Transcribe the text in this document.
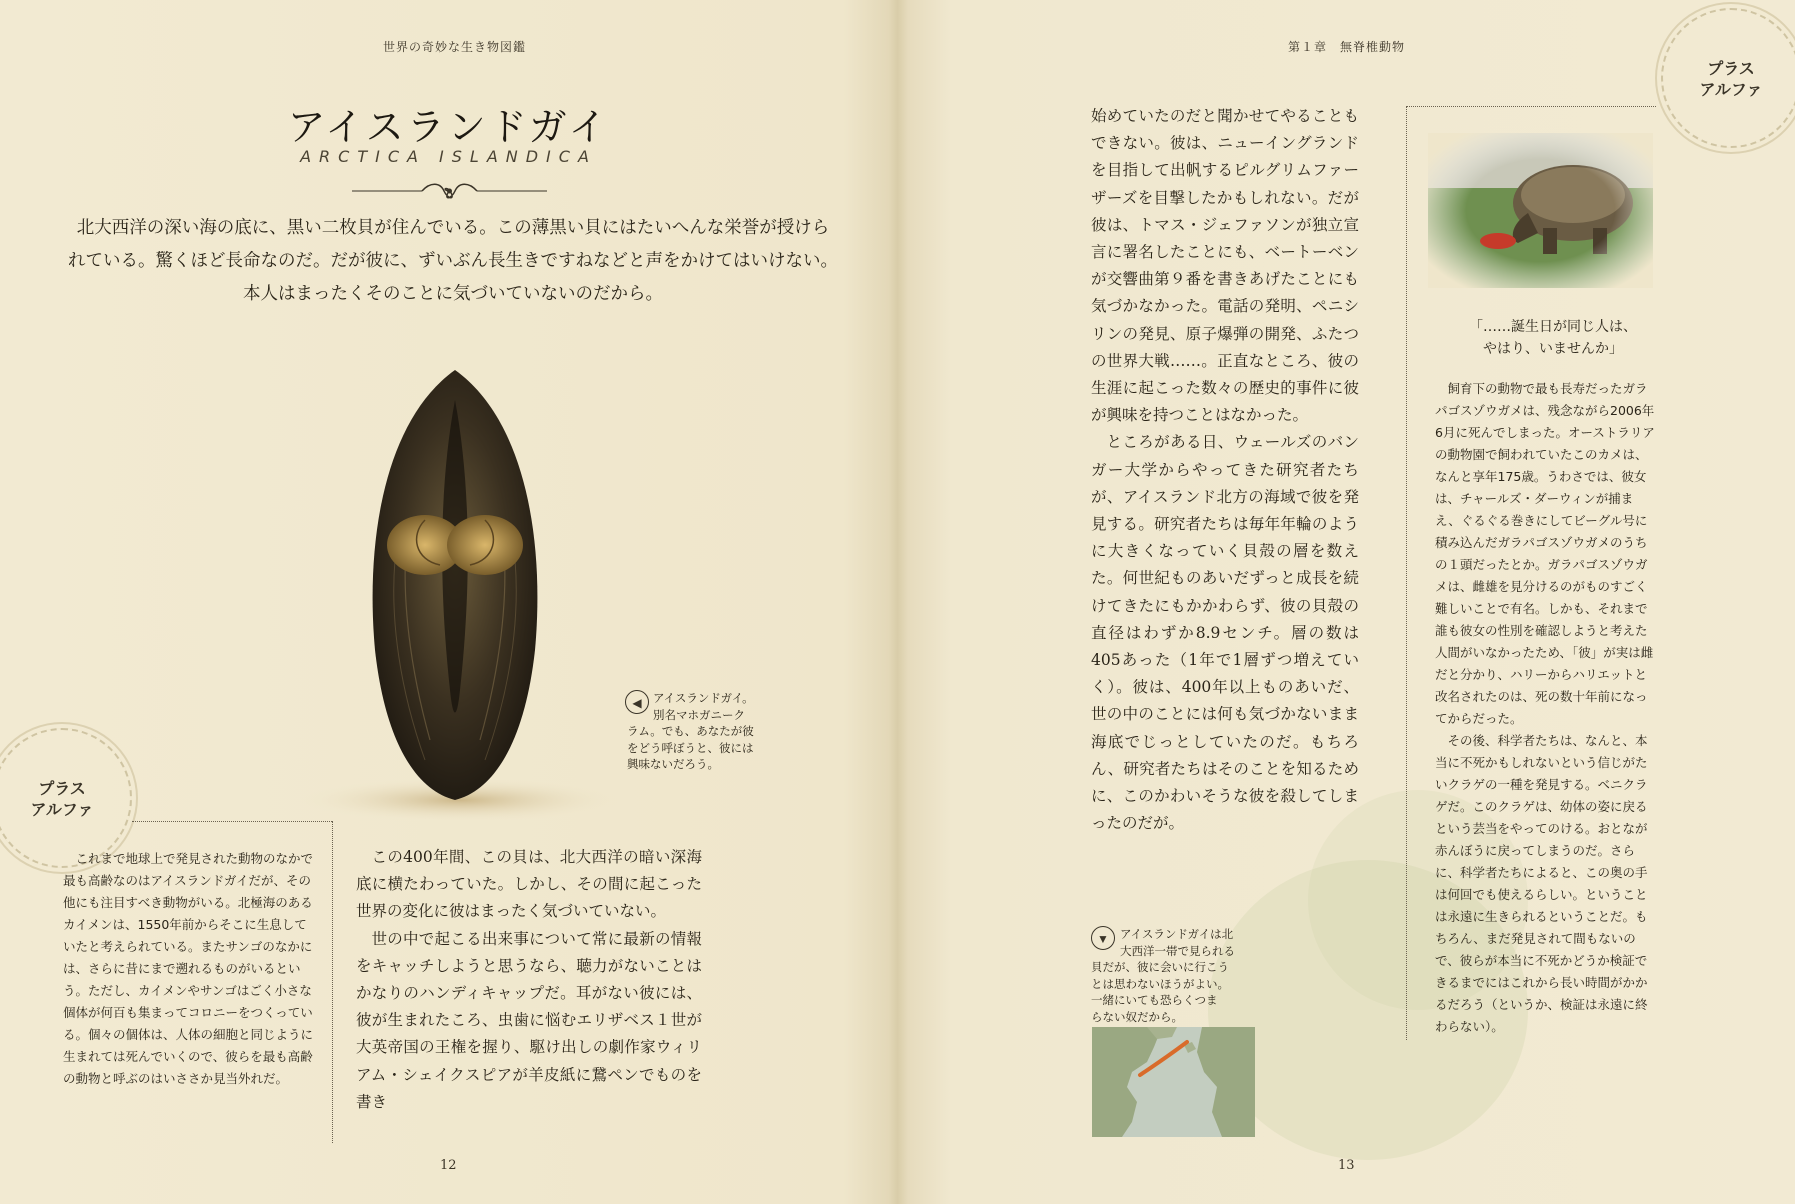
世界の奇妙な生き物図鑑
アイスランドガイ
ARCTICA ISLANDICA

北大西洋の深い海の底に、黒い二枚貝が住んでいる。この薄黒い貝にはたいへんな栄誉が授けら

れている。驚くほど長命なのだ。だが彼に、ずいぶん長生きですねなどと声をかけてはいけない。

本人はまったくそのことに気づいていないのだから。

◀ アイスランドガイ。
別名マホガニーク
ラム。でも、あなたが彼
をどう呼ぼうと、彼には
興味ないだろう。
プラス
アルファ

これまで地球上で発見された動物のなかで最も高齢なのはアイスランドガイだが、その他にも注目すべき動物がいる。北極海のあるカイメンは、1550年前からそこに生息していたと考えられている。またサンゴのなかには、さらに昔にまで遡れるものがいるという。ただし、カイメンやサンゴはごく小さな個体が何百も集まってコロニーをつくっている。個々の個体は、人体の細胞と同じように生まれては死んでいくので、彼らを最も高齢の動物と呼ぶのはいささか見当外れだ。

この400年間、この貝は、北大西洋の暗い深海底に横たわっていた。しかし、その間に起こった世界の変化に彼はまったく気づいていない。

世の中で起こる出来事について常に最新の情報をキャッチしようと思うなら、聴力がないことはかなりのハンディキャップだ。耳がない彼には、彼が生まれたころ、虫歯に悩むエリザベス１世が大英帝国の王権を握り、駆け出しの劇作家ウィリアム・シェイクスピアが羊皮紙に鵞ペンでものを書き

12
第１章　無脊椎動物
プラス
アルファ

始めていたのだと聞かせてやることもできない。彼は、ニューイングランドを目指して出帆するピルグリムファーザーズを目撃したかもしれない。だが彼は、トマス・ジェファソンが独立宣言に署名したことにも、ベートーベンが交響曲第９番を書きあげたことにも気づかなかった。電話の発明、ペニシリンの発見、原子爆弾の開発、ふたつの世界大戦……。正直なところ、彼の生涯に起こった数々の歴史的事件に彼が興味を持つことはなかった。

ところがある日、ウェールズのバンガー大学からやってきた研究者たちが、アイスランド北方の海域で彼を発見する。研究者たちは毎年年輪のように大きくなっていく貝殻の層を数えた。何世紀ものあいだずっと成長を続けてきたにもかかわらず、彼の貝殻の直径はわずか8.9センチ。層の数は405あった（1年で1層ずつ増えていく）。彼は、400年以上ものあいだ、世の中のことには何も気づかないまま海底でじっとしていたのだ。もちろん、研究者たちはそのことを知るために、このかわいそうな彼を殺してしまったのだが。

「……誕生日が同じ人は、
やはり、いませんか」

飼育下の動物で最も長寿だったガラパゴスゾウガメは、残念ながら2006年6月に死んでしまった。オーストラリアの動物園で飼われていたこのカメは、なんと享年175歳。うわさでは、彼女は、チャールズ・ダーウィンが捕まえ、ぐるぐる巻きにしてビーグル号に積み込んだガラパゴスゾウガメのうちの１頭だったとか。ガラパゴスゾウガメは、雌雄を見分けるのがものすごく難しいことで有名。しかも、それまで誰も彼女の性別を確認しようと考えた人間がいなかったため、「彼」が実は雌だと分かり、ハリーからハリエットと改名されたのは、死の数十年前になってからだった。

その後、科学者たちは、なんと、本当に不死かもしれないという信じがたいクラゲの一種を発見する。ベニクラゲだ。このクラゲは、幼体の姿に戻るという芸当をやってのける。おとなが赤んぼうに戻ってしまうのだ。さらに、科学者たちによると、この奥の手は何回でも使えるらしい。ということは永遠に生きられるということだ。もちろん、まだ発見されて間もないので、彼らが本当に不死かどうか検証できるまでにはこれから長い時間がかかるだろう（というか、検証は永遠に終わらない）。

▼ アイスランドガイは北
大西洋一帯で見られる
貝だが、彼に会いに行こう
とは思わないほうがよい。
一緒にいても恐らくつま
らない奴だから。
13
